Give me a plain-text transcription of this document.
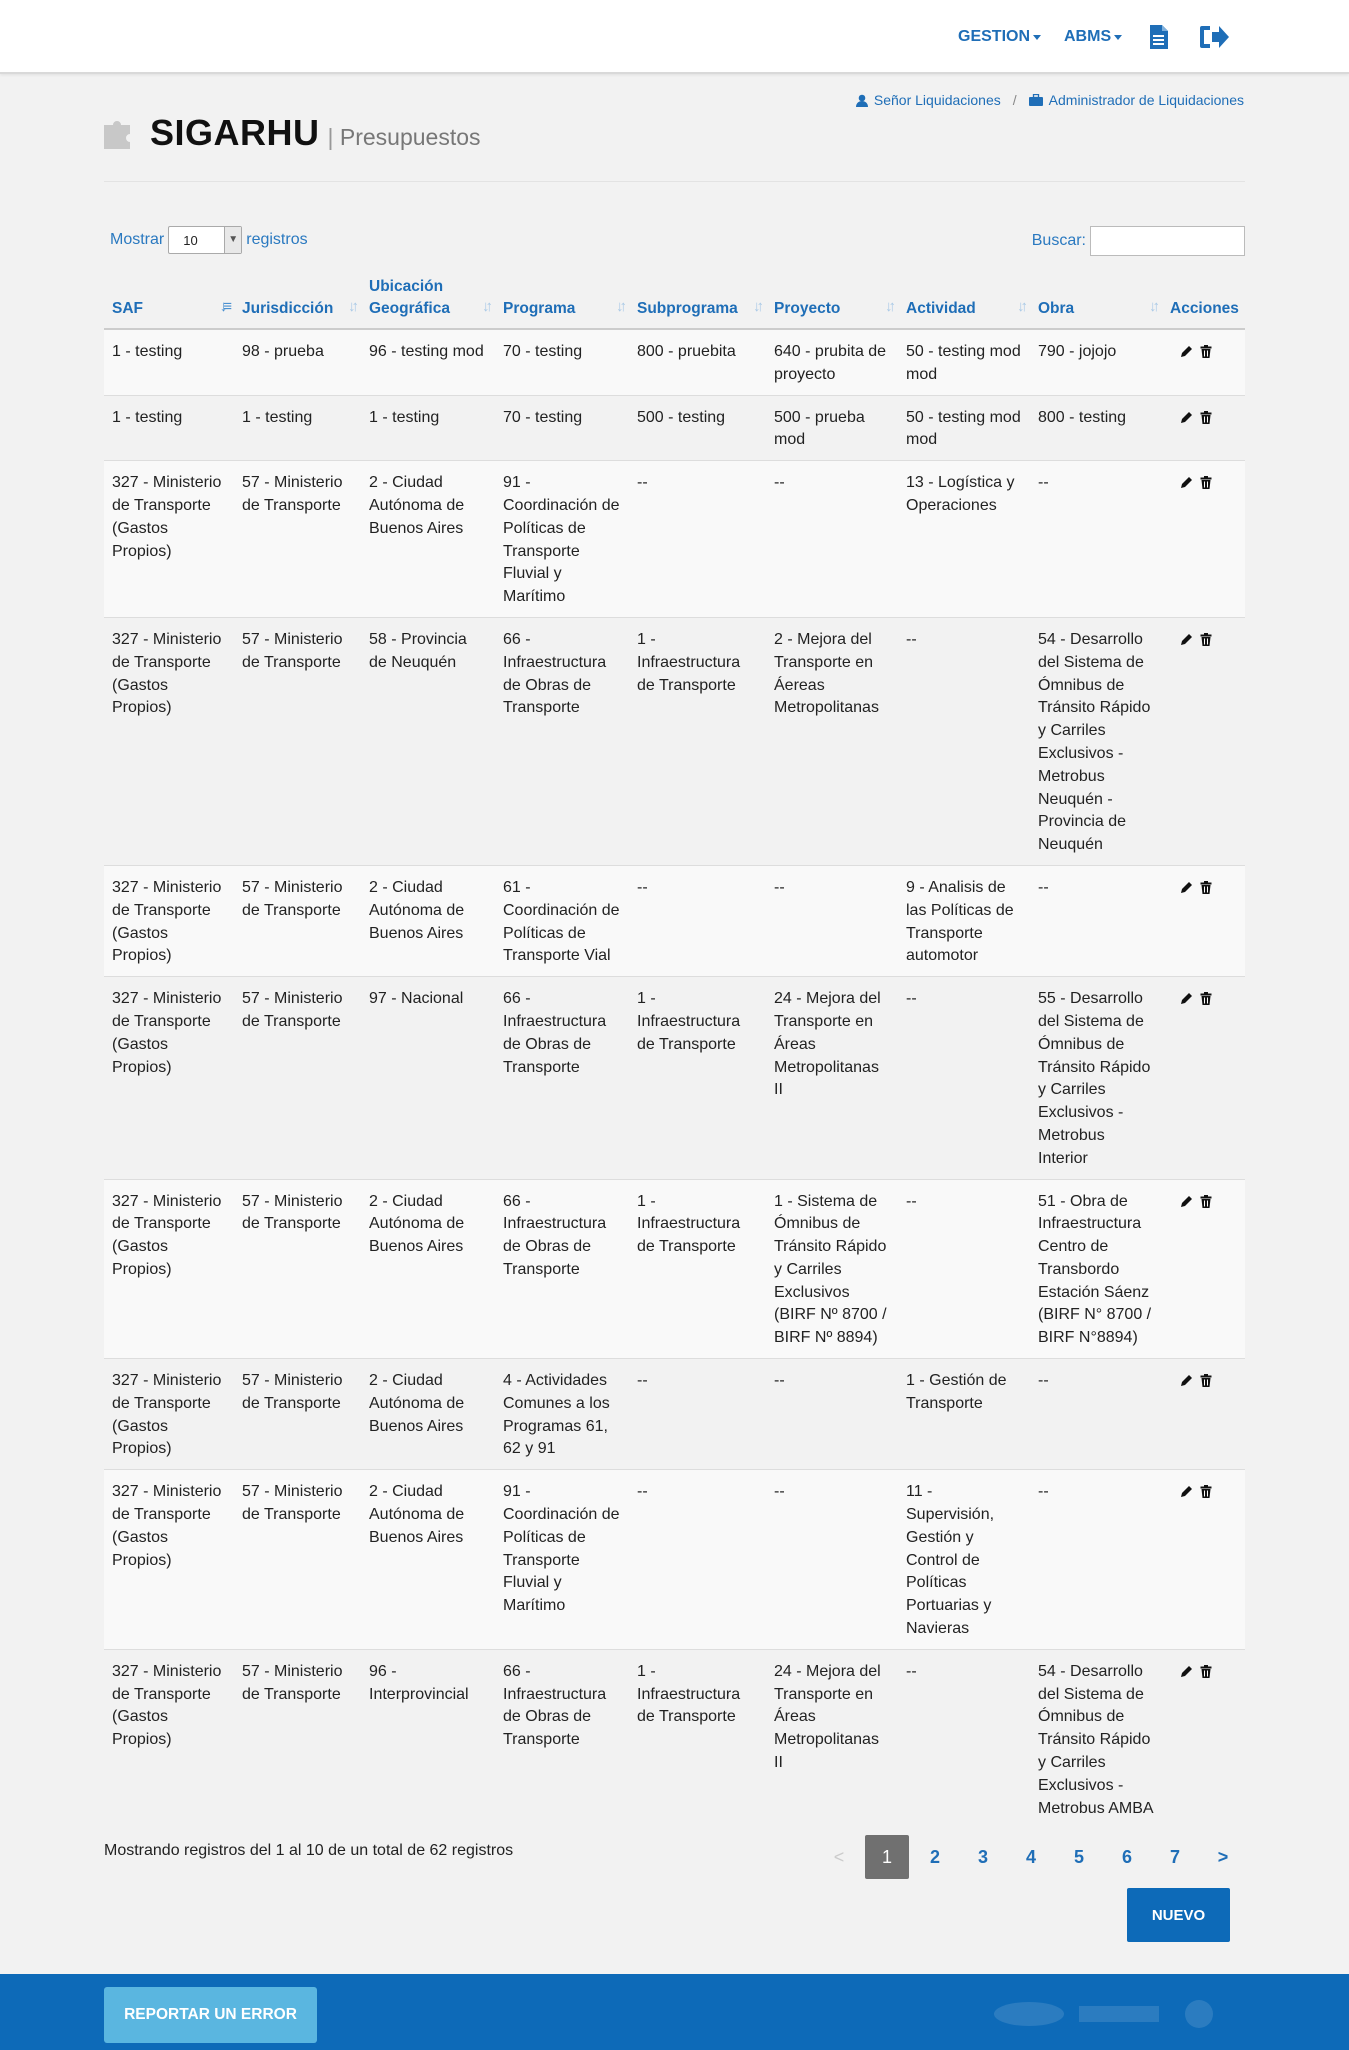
GESTION ABMS
Señor Liquidaciones / Administrador de Liquidaciones
SIGARHU | Presupuestos
Mostrar	10	▼ registros	Buscar:
SAF ↓≡	Jurisdicción ↓↑	Ubicación Geográfica ↓↑	Programa ↓↑	Subprograma ↓↑	Proyecto ↓↑	Actividad ↓↑	Obra ↓↑	Acciones
1 - testing	98 - prueba	96 - testing mod	70 - testing	800 - pruebita	640 - prubita de proyecto	50 - testing mod mod	790 - jojojo	
1 - testing	1 - testing	1 - testing	70 - testing	500 - testing	500 - prueba mod	50 - testing mod mod	800 - testing	
327 - Ministerio de Transporte (Gastos Propios)	57 - Ministerio de Transporte	2 - Ciudad Autónoma de Buenos Aires	91 - Coordinación de Políticas de Transporte Fluvial y Marítimo	--	--	13 - Logística y Operaciones	--	
327 - Ministerio de Transporte (Gastos Propios)	57 - Ministerio de Transporte	58 - Provincia de Neuquén	66 - Infraestructura de Obras de Transporte	1 - Infraestructura de Transporte	2 - Mejora del Transporte en Áereas Metropolitanas	--	54 - Desarrollo del Sistema de Ómnibus de Tránsito Rápido y Carriles Exclusivos - Metrobus Neuquén - Provincia de Neuquén	
327 - Ministerio de Transporte (Gastos Propios)	57 - Ministerio de Transporte	2 - Ciudad Autónoma de Buenos Aires	61 - Coordinación de Políticas de Transporte Vial	--	--	9 - Analisis de las Políticas de Transporte automotor	--	
327 - Ministerio de Transporte (Gastos Propios)	57 - Ministerio de Transporte	97 - Nacional	66 - Infraestructura de Obras de Transporte	1 - Infraestructura de Transporte	24 - Mejora del Transporte en Áreas Metropolitanas II	--	55 - Desarrollo del Sistema de Ómnibus de Tránsito Rápido y Carriles Exclusivos - Metrobus Interior	
327 - Ministerio de Transporte (Gastos Propios)	57 - Ministerio de Transporte	2 - Ciudad Autónoma de Buenos Aires	66 - Infraestructura de Obras de Transporte	1 - Infraestructura de Transporte	1 - Sistema de Ómnibus de Tránsito Rápido y Carriles Exclusivos (BIRF Nº 8700 / BIRF Nº 8894)	--	51 - Obra de Infraestructura Centro de Transbordo Estación Sáenz (BIRF N° 8700 / BIRF N°8894)	
327 - Ministerio de Transporte (Gastos Propios)	57 - Ministerio de Transporte	2 - Ciudad Autónoma de Buenos Aires	4 - Actividades Comunes a los Programas 61, 62 y 91	--	--	1 - Gestión de Transporte	--	
327 - Ministerio de Transporte (Gastos Propios)	57 - Ministerio de Transporte	2 - Ciudad Autónoma de Buenos Aires	91 - Coordinación de Políticas de Transporte Fluvial y Marítimo	--	--	11 - Supervisión, Gestión y Control de Políticas Portuarias y Navieras	--	
327 - Ministerio de Transporte (Gastos Propios)	57 - Ministerio de Transporte	96 - Interprovincial	66 - Infraestructura de Obras de Transporte	1 - Infraestructura de Transporte	24 - Mejora del Transporte en Áreas Metropolitanas II	--	54 - Desarrollo del Sistema de Ómnibus de Tránsito Rápido y Carriles Exclusivos - Metrobus AMBA	
Mostrando registros del 1 al 10 de un total de 62 registros	<	1	2	3	4	5	6	7	>
NUEVO
REPORTAR UN ERROR
